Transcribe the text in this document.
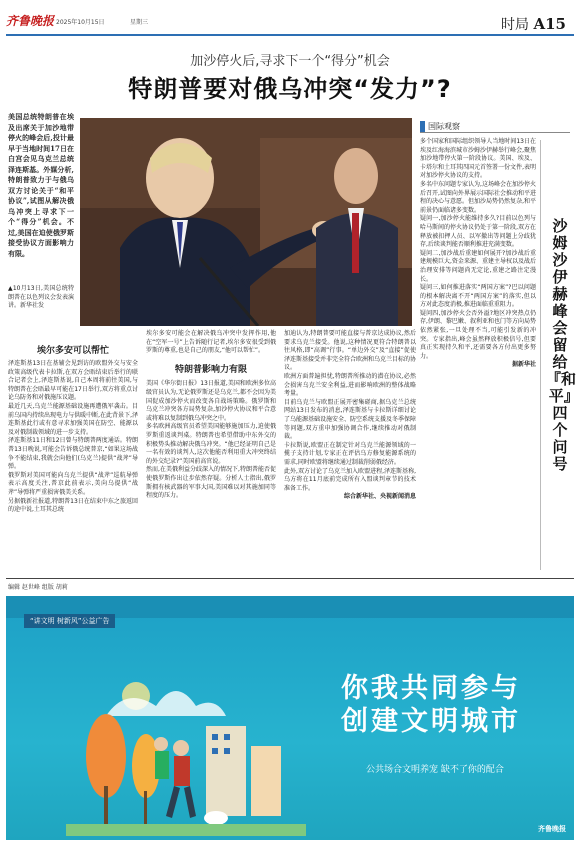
齐鲁晚报 2025年10月15日	星期三	时局 A15
加沙停火后,寻求下一个“得分”机会
特朗普要对俄乌冲突“发力”?
美国总统特朗普在埃及出席关于加沙地带停火的峰会后,投计最早于当地时间17日在白宫会见乌克兰总统泽连斯基。外媒分析,特朗普致力于与俄乌双方讨论关于“和平协议”,试图从解决俄乌冲突上寻求下一个“得分”机会。不过,美国在迫使俄罗斯接受协议方面影响力有限。
▲10月13日,美国总统特朗普在以色列议会发表演讲。新华社发
埃尔多安可以帮忙

泽连斯基13日在基辅会见到访的欧盟外交与安全政策高级代表卡拉斯,在双方会晤结束后举行的联合记者会上,泽连斯基说,自己本周将前往美国,与特朗普在会晤最早可能在17日举行,双方将重点讨论乌防务和对俄施压议题。

最近几天,乌克兰能源基础设施再遭俄军袭击。目前乌国内持续出现电力与供暖中断,在此背景下,泽连斯基此行或有意寻求加强美国在防空、能源以及对俄制裁领域的进一步支持。

泽连斯基11日和12日曾与特朗普两度通话。特朗普13日晚说,可能会告诉俄总统普京,“如果这场战争不能结束,我就会向他们(乌克兰)提供“战斧”导弹。

俄罗斯对美国可能向乌克兰提供“战斧”巡航导弹表示高度关注,普京此前表示,美向乌提供“战斧”导弹将严重损害俄美关系。

另据俄新社报道,特朗普13日在结束中东之旅返回的途中说,土耳其总统

埃尔多安可能会在解决俄乌冲突中发挥作用,他在“空军一号”上告诉随行记者,埃尔多安很受到俄罗斯的尊重,也是自己的朋友,“他可以帮忙”。

特朗普影响力有限

美国《华尔街日报》13日报道,美国和欧洲多位高级官员认为,无论俄罗斯还是乌克兰,都不会因为美国促成加沙停火而改变各自战场策略。俄罗斯和乌克兰冲突各方局势复杂,加沙停火协议和平合意或将难以复制到俄乌冲突之中。

多名欧洲高级官员希望美国能够施加压力,迫使俄罗斯重返谈判桌。特朗普也希望借助中东外交的积极势头推动解决俄乌冲突。“他已经证明自己是一名有效的谈判人,这次他能否利用重大冲突终结的外交纪录?”美国前高官说。

然而,在美俄利益分歧深入的情况下,特朗普能否促使俄罗斯作出让步依然存疑。分析人士指出,俄罗斯拥有核武器的军事大国,美国难以对其施加同等程度的压力。

加迪认为,特朗普要可能直接与普京达成协议,然后要求乌克兰接受。他说,这种情况更符合特朗普以往风格,即“高调”行事。“单边外交”及“直接”促使泽连斯基接受并非完全符合欧洲和乌克兰目标的协议。

欧洲方面普遍担忧,特朗普所推动的潜在协议,必然会损害乌克兰安全利益,进而影响欧洲的整体战略考量。

目前乌克兰与欧盟正展开密集磋商,据乌克兰总统网站13日发布的消息,泽连斯基与卡拉斯详细讨论了乌能源基础设施安全、防空系统支援及冬季保障等问题,双方重申加强协调合作,继续推动对俄制裁。

卡拉斯说,欧盟正在制定针对乌克兰能源领域的一揽子支持计划,专家正在评估乌方修复能源系统的需求,同时欧盟将继续通过制裁削弱俄经济。

此外,双方讨论了乌克兰加入欧盟进程,泽连斯基称,乌方将在11月底前完成所有入盟谈判章节的技术准备工作。

综合新华社、央视新闻消息

国际观察

多个国家和国际组织领导人当地时间13日在埃及红海海滨城市沙姆沙伊赫举行峰会,聚焦加沙地带停火第一阶段协议。美国、埃及、卡塔尔和土耳其四国元首签署一份文件,表明对加沙停火协议的支持。

多名中东问题专家认为,这场峰会在加沙停火后召开,试图向外界展示国际社会推动和平进程的决心与意愿。但加沙局势仍然复杂,和平前景仍面临诸多变数。

疑问一,加沙停火能维持多久?目前以色列与哈马斯间的停火协议仍处于第一阶段,双方在释放被扣押人员、以军撤出等问题上分歧犹存,后续谈判能否顺利推进充满变数。

疑问二,加沙战后重建如何展开?加沙战后重建规模巨大,资金来源、重建主导权以及战后治理安排等问题尚无定论,重建之路注定漫长。

疑问三,如何推进落实“两国方案”?巴以问题的根本解决离不开“两国方案”的落实,但以方对此态度消极,推进面临重重阻力。

疑问四,加沙停火会否外溢?地区冲突热点仍存,伊朗、黎巴嫩、叙利亚和也门等方向局势依然紧张,一旦处理不当,可能引发新的冲突。专家指出,峰会虽然释放积极信号,但要真正实现持久和平,还需要各方付出更多努力。

据新华社

沙姆沙伊赫峰会留给『和平』四个问号
编辑 赵世峰 组版 胡莉
“讲文明 树新风”公益广告
你我共同参与
创建文明城市
公共场合文明养宠 缺不了你的配合
齐鲁晚报
